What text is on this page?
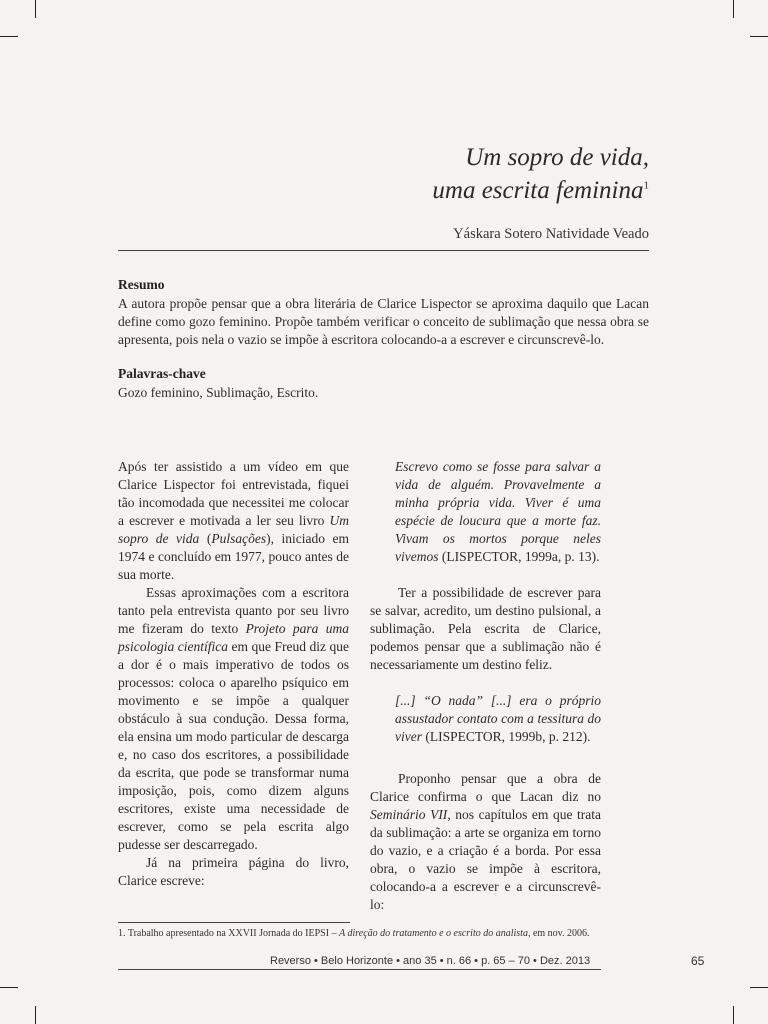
Um sopro de vida,
uma escrita feminina$^1$
Yáskara Sotero Natividade Veado
Resumo

A autora propõe pensar que a obra literária de Clarice Lispector se aproxima daquilo que Lacan define como gozo feminino. Propõe também verificar o conceito de sublimação que nessa obra se apresenta, pois nela o vazio se impõe à escritora colocando-a a escrever e circunscrevê-lo.

Palavras-chave

Gozo feminino, Sublimação, Escrito.

Após ter assistido a um vídeo em que Clarice Lispector foi entrevistada, fiquei tão incomodada que necessitei me colocar a escrever e motivada a ler seu livro Um sopro de vida (Pulsações), iniciado em 1974 e concluído em 1977, pouco antes de sua morte.

Essas aproximações com a escritora tanto pela entrevista quanto por seu livro me fizeram do texto Projeto para uma psicologia científica em que Freud diz que a dor é o mais imperativo de todos os processos: coloca o aparelho psíquico em movimento e se impõe a qualquer obstáculo à sua condução. Dessa forma, ela ensina um modo particular de descarga e, no caso dos escritores, a possibilidade da escrita, que pode se transformar numa imposição, pois, como dizem alguns escritores, existe uma necessidade de escrever, como se pela escrita algo pudesse ser descarregado.

Já na primeira página do livro, Clarice escreve:

Escrevo como se fosse para salvar a vida de alguém. Provavelmente a minha própria vida. Viver é uma espécie de loucura que a morte faz. Vivam os mortos porque neles vivemos (LISPECTOR, 1999a, p. 13).

Ter a possibilidade de escrever para se salvar, acredito, um destino pulsional, a sublimação. Pela escrita de Clarice, podemos pensar que a sublimação não é necessariamente um destino feliz.

[...] “O nada” [...] era o próprio assustador contato com a tessitura do viver (LISPECTOR, 1999b, p. 212).

Proponho pensar que a obra de Clarice confirma o que Lacan diz no Seminário VII, nos capítulos em que trata da sublimação: a arte se organiza em torno do vazio, e a criação é a borda. Por essa obra, o vazio se impõe à escritora, colocando-a a escrever e a circunscrevê-lo:

1. Trabalho apresentado na XXVII Jornada do IEPSI – A direção do tratamento e o escrito do analista, em nov. 2006.
Reverso • Belo Horizonte • ano 35 • n. 66 • p. 65 – 70 • Dez. 2013	65
